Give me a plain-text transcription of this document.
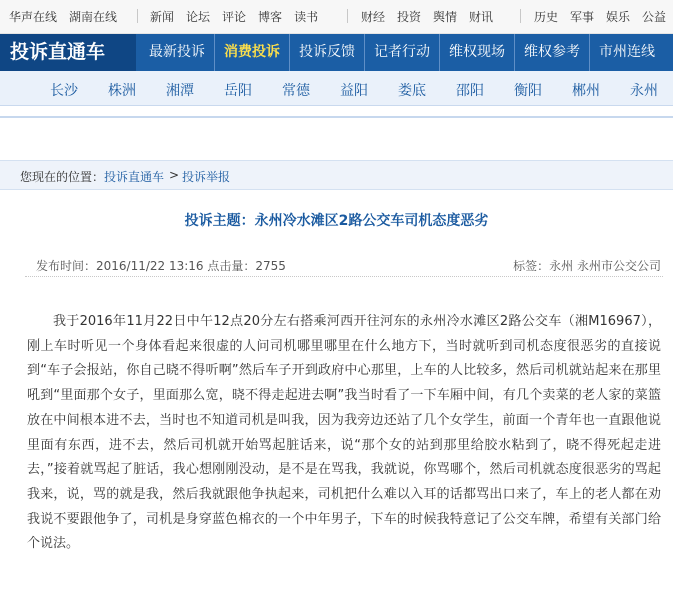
华声在线 湖南在线	新闻 论坛 评论 博客 读书	财经 投资 舆情 财讯	历史 军事 娱乐 公益
投诉直通车	最新投诉	消费投诉	投诉反馈	记者行动	维权现场	维权参考	市州连线
长沙 株洲 湘潭 岳阳 常德 益阳 娄底 邵阳 衡阳 郴州 永州
您现在的位置： 投诉直通车 > 投诉举报
投诉主题：永州冷水滩区2路公交车司机态度恶劣
发布时间：2016/11/22 13:16 点击量：2755	标签：永州 永州市公交公司
我于2016年11月22日中午12点20分左右搭乘河西开往河东的永州冷水滩区2路公交车（湘M16967），刚上车时听见一个身体看起来很虚的人问司机哪里哪里在什么地方下，当时就听到司机态度很恶劣的直接说到“车子会报站，你自己晓不得听啊”然后车子开到政府中心那里，上车的人比较多，然后司机就站起来在那里吼到“里面那个女子，里面那么宽，晓不得走起进去啊”我当时看了一下车厢中间，有几个卖菜的老人家的菜篮放在中间根本进不去，当时也不知道司机是叫我，因为我旁边还站了几个女学生，前面一个青年也一直跟他说里面有东西，进不去，然后司机就开始骂起脏话来，说“那个女的站到那里给胶水粘到了，晓不得死起走进去，”接着就骂起了脏话，我心想刚刚没动，是不是在骂我，我就说，你骂哪个，然后司机就态度很恶劣的骂起我来，说，骂的就是我，然后我就跟他争执起来，司机把什么难以入耳的话都骂出口来了，车上的老人都在劝我说不要跟他争了，司机是身穿蓝色棉衣的一个中年男子，下车的时候我特意记了公交车牌，希望有关部门给个说法。
